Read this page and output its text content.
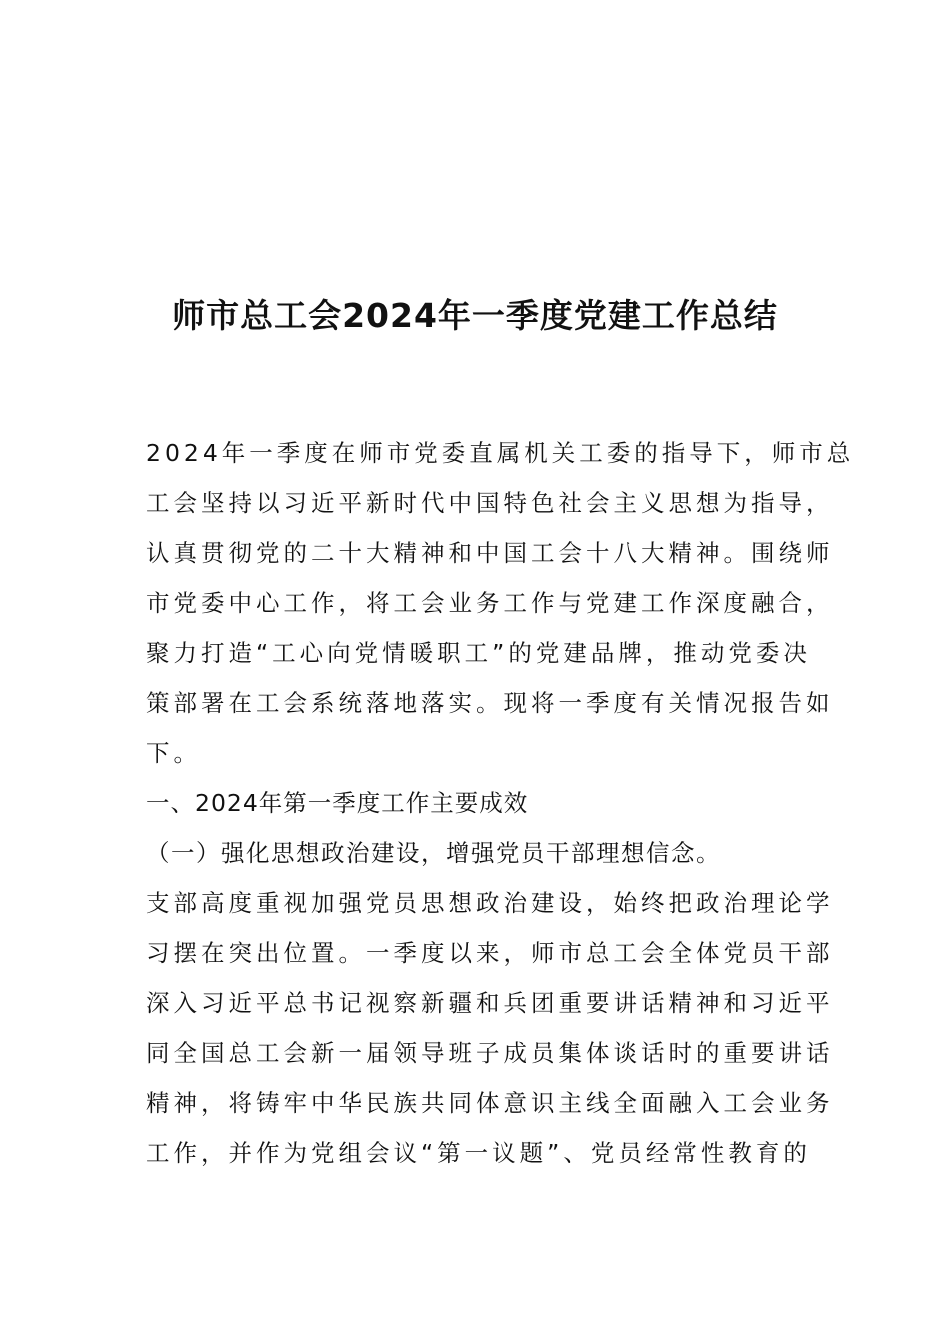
师市总工会2024年一季度党建工作总结
2024年一季度在师市党委直属机关工委的指导下，师市总
工会坚持以习近平新时代中国特色社会主义思想为指导，
认真贯彻党的二十大精神和中国工会十八大精神。围绕师
市党委中心工作，将工会业务工作与党建工作深度融合，
聚力打造“工心向党情暖职工”的党建品牌，推动党委决
策部署在工会系统落地落实。现将一季度有关情况报告如
下。
一、2024年第一季度工作主要成效
（一）强化思想政治建设，增强党员干部理想信念。
支部高度重视加强党员思想政治建设，始终把政治理论学
习摆在突出位置。一季度以来，师市总工会全体党员干部
深入习近平总书记视察新疆和兵团重要讲话精神和习近平
同全国总工会新一届领导班子成员集体谈话时的重要讲话
精神，将铸牢中华民族共同体意识主线全面融入工会业务
工作，并作为党组会议“第一议题”、党员经常性教育的
